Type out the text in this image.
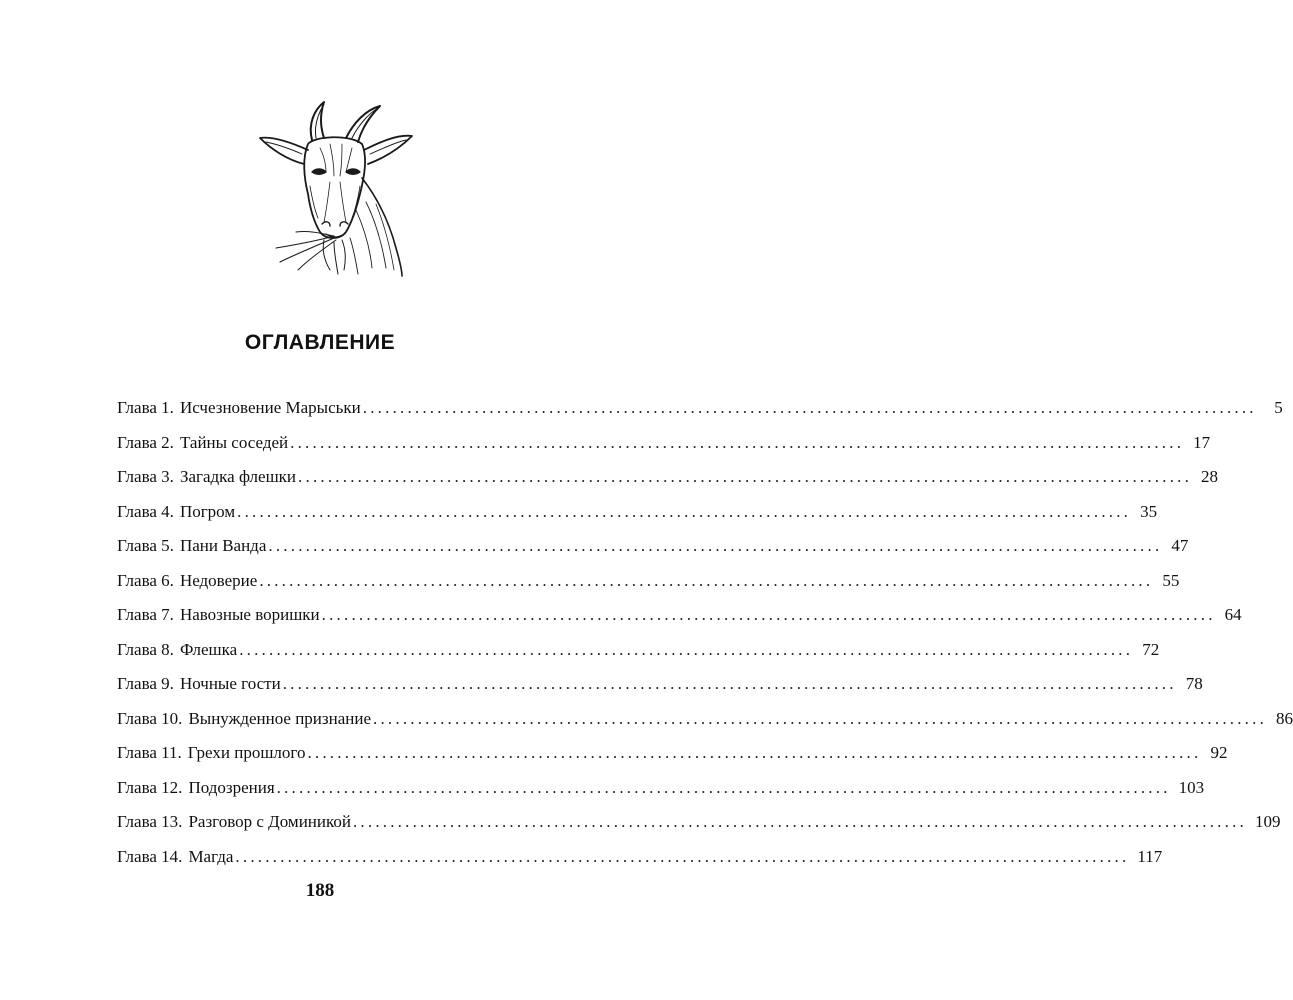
ОГЛАВЛЕНИЕ
Глава 1. Исчезновение Марыськи ........................................................................................................................	5
Глава 2. Тайны соседей ........................................................................................................................ 17
Глава 3. Загадка флешки ........................................................................................................................ 28
Глава 4. Погром ........................................................................................................................ 35
Глава 5. Пани Ванда ........................................................................................................................ 47
Глава 6. Недоверие ........................................................................................................................ 55
Глава 7. Навозные воришки ........................................................................................................................ 64
Глава 8. Флешка ........................................................................................................................ 72
Глава 9. Ночные гости ........................................................................................................................ 78
Глава 10. Вынужденное признание ........................................................................................................................ 86
Глава 11. Грехи прошлого ........................................................................................................................ 92
Глава 12. Подозрения ........................................................................................................................ 103
Глава 13. Разговор с Доминикой ........................................................................................................................ 109
Глава 14. Магда ........................................................................................................................ 117
188
